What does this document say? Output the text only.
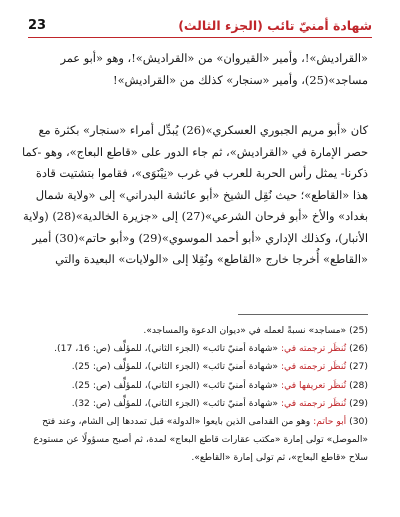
شهادة أمنيّ تائب (الجزء الثالث)
23
«القراديش»!، وأمير «القيروان» من «القراديش»!، وهو «أبو عمر
مساجد»(25)، وأمير «سنجار» كذلك من «القراديش»!
كان «أبو مريم الجبوري العسكري»(26) يُبدِّل أمراء «سنجار» بكثرة مع
حصر الإمارة في «القراديش»، ثم جاء الدور على «قاطع البعاج»، وهو -كما
ذكرنا- يمثل رأس الحربة للعرب في غرب «نِيْنَوَى»، فقاموا بتشتيت قادة
هذا «القاطع»؛ حيث نُقِل الشيخ «أبو عائشة البدراني» إلى «ولاية شمال
بغداد» والأخ «أبو فرحان الشرعي»(27) إلى «جزيرة الخالدية»(28) (ولاية
الأنبار)، وكذلك الإداري «أبو أحمد الموسوي»(29) و«أبو حاتم»(30) أمير
«القاطع» أُخرجا خارج «القاطع» ونُقِلا إلى «الولايات» البعيدة والتي
(25) «مساجد» نسبةً لعمله في «ديوان الدعوة والمساجد».
(26) تُنظَر ترجمته في: «شهادة أمنيّ تائب» (الجزء الثاني)، للمؤلِّف (ص: 16، 17).
(27) تُنظَر ترجمته في: «شهادة أمنيّ تائب» (الجزء الثاني)، للمؤلِّف (ص: 25).
(28) تُنظَر تعريفها في: «شهادة أمنيّ تائب» (الجزء الثاني)، للمؤلِّف (ص: 25).
(29) تُنظَر ترجمته في: «شهادة أمنيّ تائب» (الجزء الثاني)، للمؤلِّف (ص: 32).
(30) أبو حاتم: وهو من القدامى الذين بايعوا «الدولة» قبل تمددها إلى الشام، وعند فتح
«الموصل» تولى إمارة «مكتب عقارات قاطع البعاج» لمدة، ثم أصبح مسؤولًا عن مستودع
سلاح «قاطع البعاج»، ثم تولى إمارة «القاطع».
